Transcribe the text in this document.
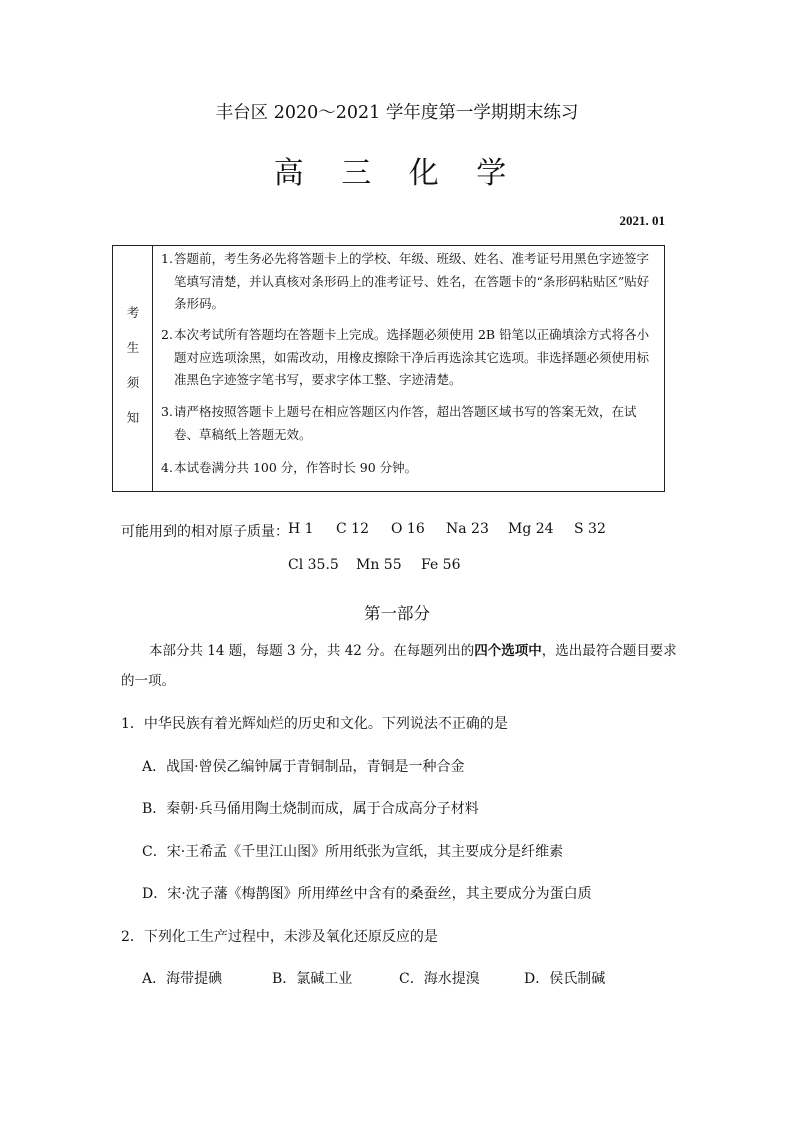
丰台区 2020～2021 学年度第一学期期末练习
高 三 化 学
2021. 01
考
生
须
知
1. 答题前，考生务必先将答题卡上的学校、年级、班级、姓名、准考证号用黑色字迹签字笔填写清楚，并认真核对条形码上的准考证号、姓名，在答题卡的“条形码粘贴区”贴好条形码。
2. 本次考试所有答题均在答题卡上完成。选择题必须使用 2B 铅笔以正确填涂方式将各小题对应选项涂黑，如需改动，用橡皮擦除干净后再选涂其它选项。非选择题必须使用标准黑色字迹签字笔书写，要求字体工整、字迹清楚。
3. 请严格按照答题卡上题号在相应答题区内作答，超出答题区域书写的答案无效，在试卷、草稿纸上答题无效。
4. 本试卷满分共 100 分，作答时长 90 分钟。
可能用到的相对原子质量： H 1 C 12 O 16 Na 23 Mg 24 S 32
Cl 35.5 Mn 55 Fe 56
第一部分
本部分共 14 题，每题 3 分，共 42 分。在每题列出的四个选项中，选出最符合题目要求的一项。
1．中华民族有着光辉灿烂的历史和文化。下列说法不正确的是
A．战国·曾侯乙编钟属于青铜制品，青铜是一种合金
B．秦朝·兵马俑用陶土烧制而成，属于合成高分子材料
C．宋·王希孟《千里江山图》所用纸张为宣纸，其主要成分是纤维素
D．宋·沈子藩《梅鹊图》所用缂丝中含有的桑蚕丝，其主要成分为蛋白质
2．下列化工生产过程中，未涉及氧化还原反应的是
A．海带提碘	B．氯碱工业	C．海水提溴	D．侯氏制碱
